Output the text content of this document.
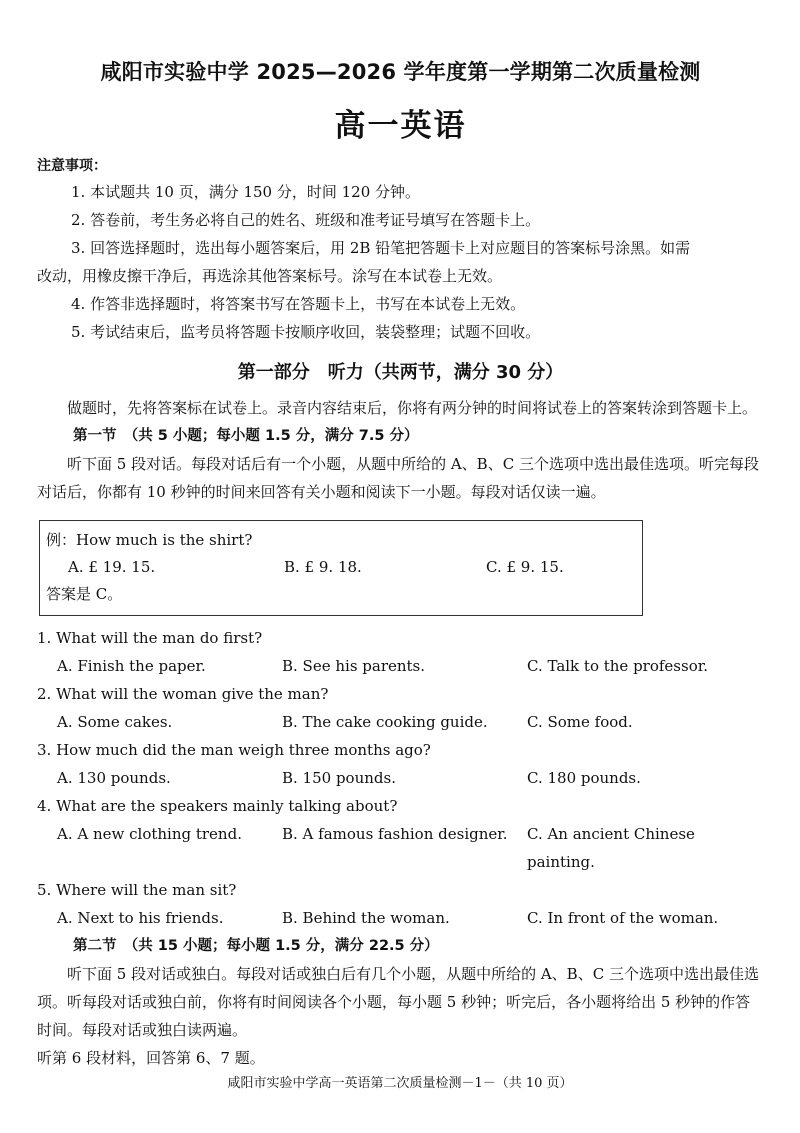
咸阳市实验中学 2025—2026 学年度第一学期第二次质量检测
高一英语
注意事项：

1. 本试题共 10 页，满分 150 分，时间 120 分钟。

2. 答卷前，考生务必将自己的姓名、班级和准考证号填写在答题卡上。

3. 回答选择题时，选出每小题答案后，用 2B 铅笔把答题卡上对应题目的答案标号涂黑。如需

改动，用橡皮擦干净后，再选涂其他答案标号。涂写在本试卷上无效。

4. 作答非选择题时，将答案书写在答题卡上，书写在本试卷上无效。

5. 考试结束后，监考员将答题卡按顺序收回，装袋整理；试题不回收。

第一部分　听力（共两节，满分 30 分）

做题时，先将答案标在试卷上。录音内容结束后，你将有两分钟的时间将试卷上的答案转涂到答题卡上。

第一节　（共 5 小题；每小题 1.5 分，满分 7.5 分）

听下面 5 段对话。每段对话后有一个小题，从题中所给的 A、B、C 三个选项中选出最佳选项。听完每段对话后，你都有 10 秒钟的时间来回答有关小题和阅读下一小题。每段对话仅读一遍。

例：How much is the shirt?
A. £ 19. 15.	B. £ 9. 18.	C. £ 9. 15.
答案是 C。

1. What will the man do first?

A. Finish the paper.	B. See his parents.	C. Talk to the professor.

2. What will the woman give the man?

A. Some cakes.	B. The cake cooking guide.	C. Some food.

3. How much did the man weigh three months ago?

A. 130 pounds.	B. 150 pounds.	C. 180 pounds.

4. What are the speakers mainly talking about?

A. A new clothing trend.	B. A famous fashion designer.	C. An ancient Chinese painting.

5. Where will the man sit?

A. Next to his friends.	B. Behind the woman.	C. In front of the woman.
第二节　（共 15 小题；每小题 1.5 分，满分 22.5 分）

听下面 5 段对话或独白。每段对话或独白后有几个小题，从题中所给的 A、B、C 三个选项中选出最佳选项。听每段对话或独白前，你将有时间阅读各个小题，每小题 5 秒钟；听完后，各小题将给出 5 秒钟的作答时间。每段对话或独白读两遍。

听第 6 段材料，回答第 6、7 题。

咸阳市实验中学高一英语第二次质量检测－1－（共 10 页）
